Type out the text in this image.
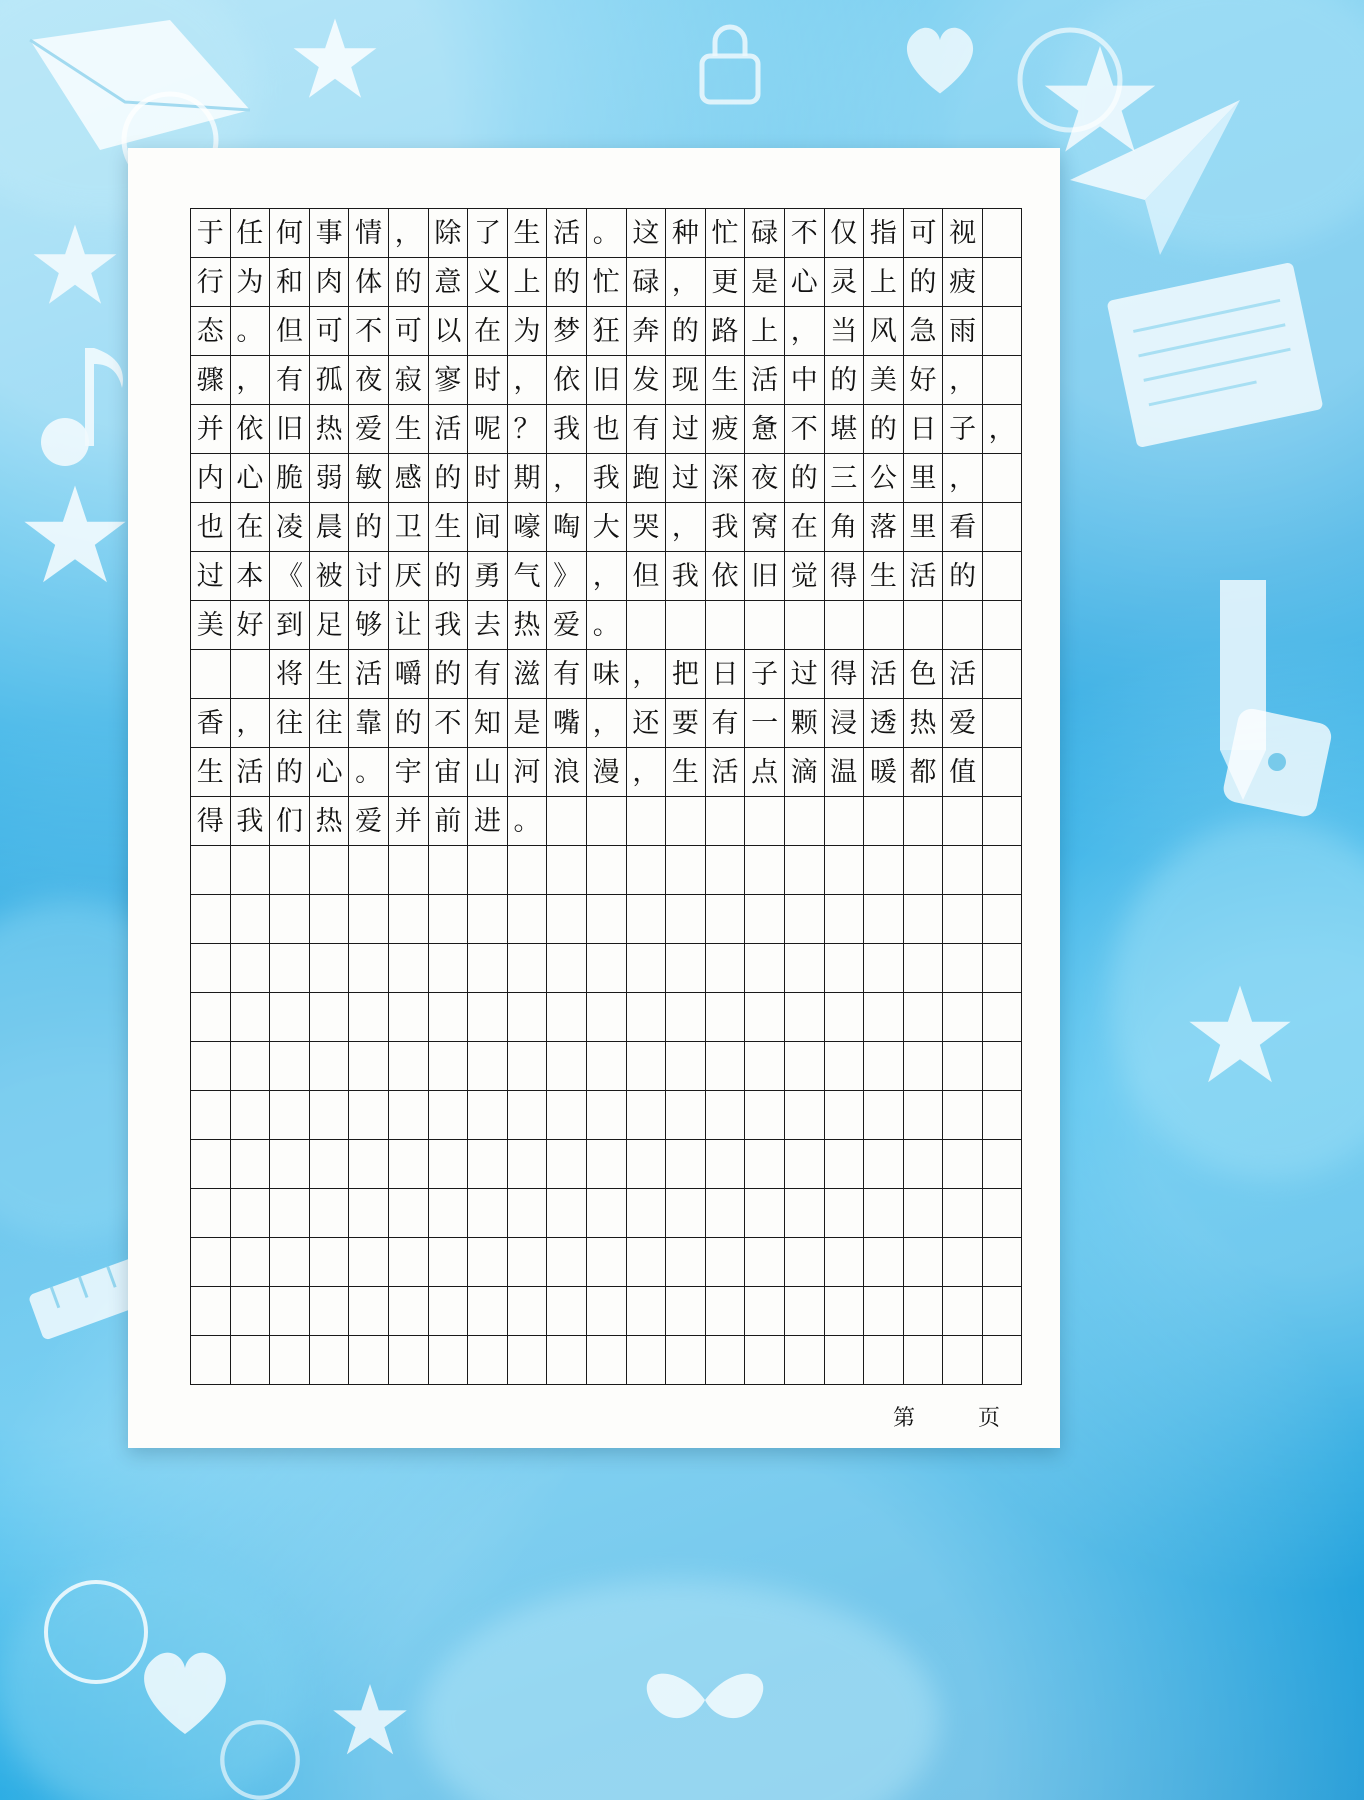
于	任	何	事	情	，	除	了	生	活	。	这	种	忙	碌	不	仅	指	可	视	
行	为	和	肉	体	的	意	义	上	的	忙	碌	，	更	是	心	灵	上	的	疲	
态	。	但	可	不	可	以	在	为	梦	狂	奔	的	路	上	，	当	风	急	雨	
骤	，	有	孤	夜	寂	寥	时	，	依	旧	发	现	生	活	中	的	美	好	，	
并	依	旧	热	爱	生	活	呢	？	我	也	有	过	疲	惫	不	堪	的	日	子	，
内	心	脆	弱	敏	感	的	时	期	，	我	跑	过	深	夜	的	三	公	里	，	
也	在	凌	晨	的	卫	生	间	嚎	啕	大	哭	，	我	窝	在	角	落	里	看	
过	本	《	被	讨	厌	的	勇	气	》	，	但	我	依	旧	觉	得	生	活	的	
美	好	到	足	够	让	我	去	热	爱	。										
		将	生	活	嚼	的	有	滋	有	味	，	把	日	子	过	得	活	色	活	
香	，	往	往	靠	的	不	知	是	嘴	，	还	要	有	一	颗	浸	透	热	爱	
生	活	的	心	。	宇	宙	山	河	浪	漫	，	生	活	点	滴	温	暖	都	值	
得	我	们	热	爱	并	前	进	。												

第	页
